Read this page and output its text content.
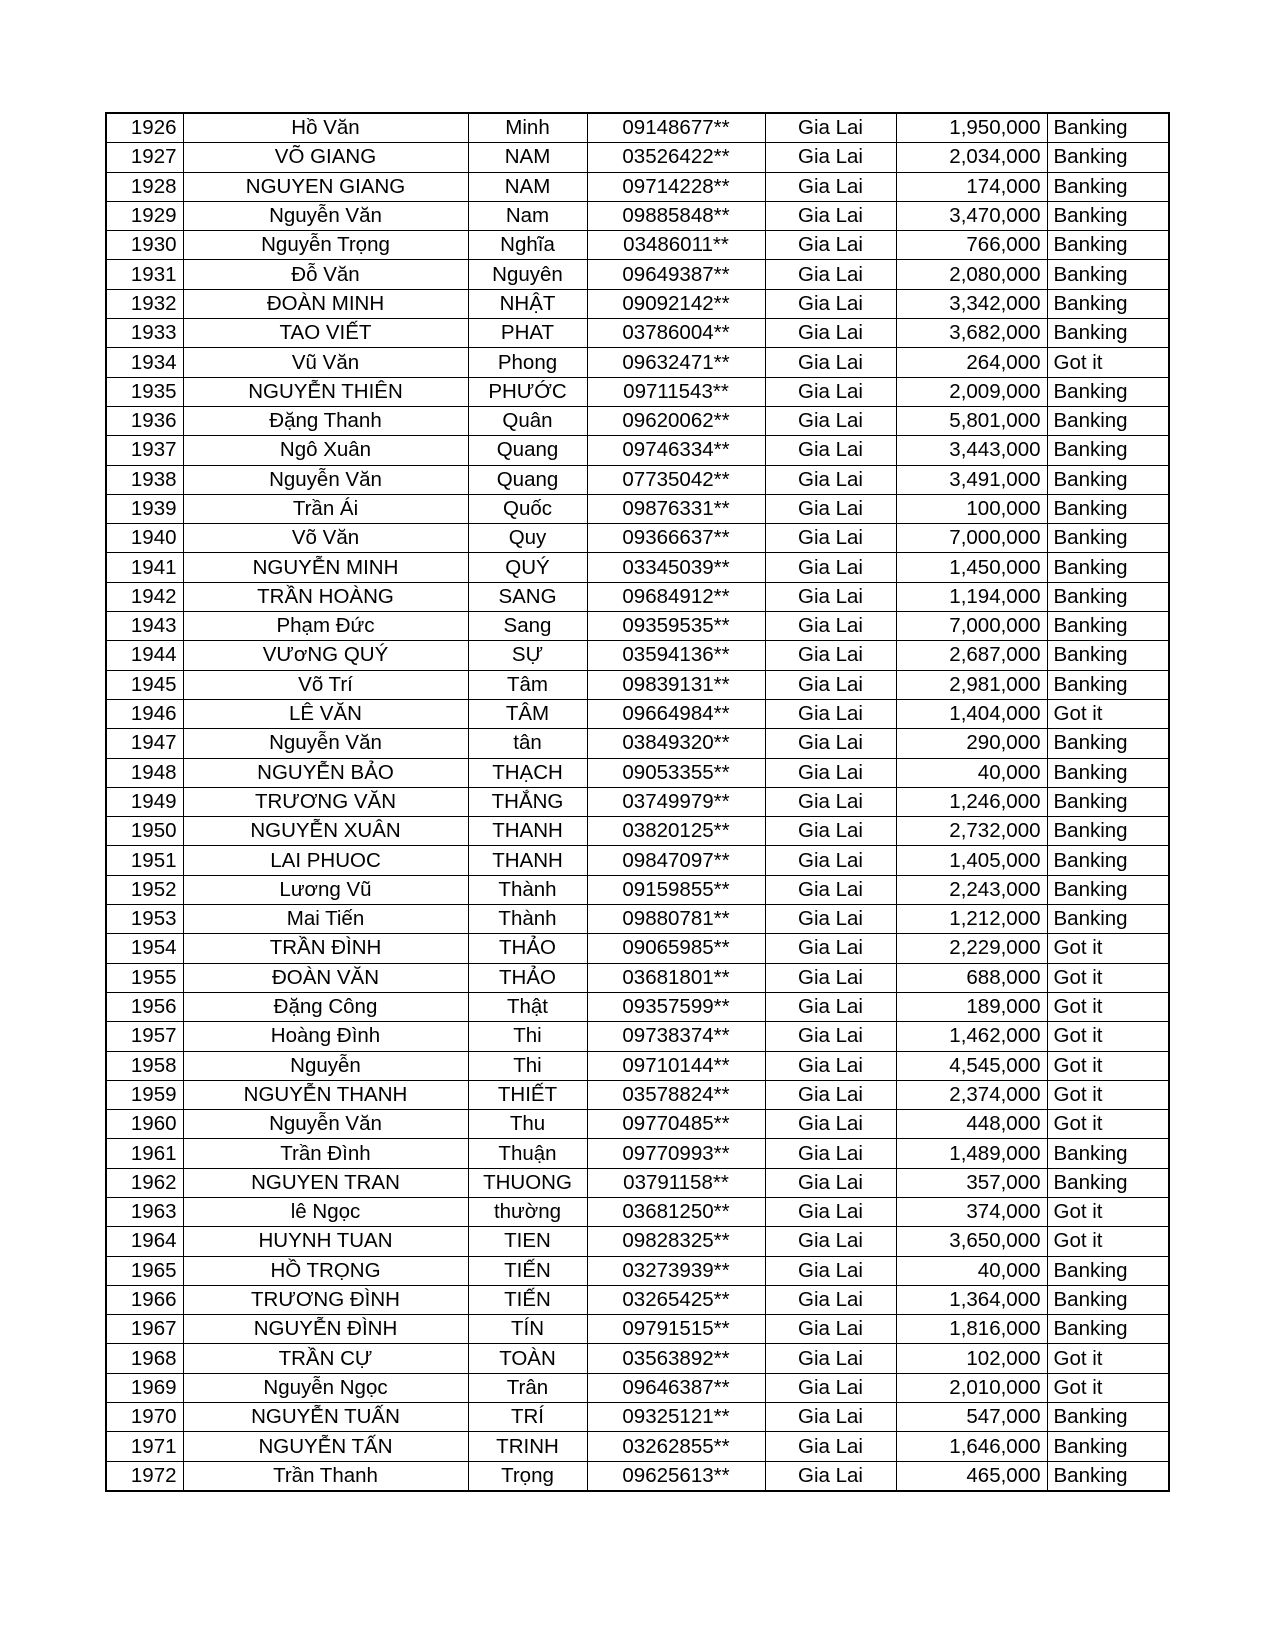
1926	Hồ Văn	Minh	09148677**	Gia Lai	1,950,000	Banking
1927	VÕ GIANG	NAM	03526422**	Gia Lai	2,034,000	Banking
1928	NGUYEN GIANG	NAM	09714228**	Gia Lai	174,000	Banking
1929	Nguyễn Văn	Nam	09885848**	Gia Lai	3,470,000	Banking
1930	Nguyễn Trọng	Nghĩa	03486011**	Gia Lai	766,000	Banking
1931	Đỗ Văn	Nguyên	09649387**	Gia Lai	2,080,000	Banking
1932	ĐOÀN MINH	NHẬT	09092142**	Gia Lai	3,342,000	Banking
1933	TAO VIẾT	PHAT	03786004**	Gia Lai	3,682,000	Banking
1934	Vũ Văn	Phong	09632471**	Gia Lai	264,000	Got it
1935	NGUYỄN THIÊN	PHƯỚC	09711543**	Gia Lai	2,009,000	Banking
1936	Đặng Thanh	Quân	09620062**	Gia Lai	5,801,000	Banking
1937	Ngô Xuân	Quang	09746334**	Gia Lai	3,443,000	Banking
1938	Nguyễn Văn	Quang	07735042**	Gia Lai	3,491,000	Banking
1939	Trần Ái	Quốc	09876331**	Gia Lai	100,000	Banking
1940	Võ Văn	Quy	09366637**	Gia Lai	7,000,000	Banking
1941	NGUYỄN MINH	QUÝ	03345039**	Gia Lai	1,450,000	Banking
1942	TRẦN HOÀNG	SANG	09684912**	Gia Lai	1,194,000	Banking
1943	Phạm Đức	Sang	09359535**	Gia Lai	7,000,000	Banking
1944	VƯơNG QUÝ	SỰ	03594136**	Gia Lai	2,687,000	Banking
1945	Võ Trí	Tâm	09839131**	Gia Lai	2,981,000	Banking
1946	LÊ VĂN	TÂM	09664984**	Gia Lai	1,404,000	Got it
1947	Nguyễn Văn	tân	03849320**	Gia Lai	290,000	Banking
1948	NGUYỄN BẢO	THẠCH	09053355**	Gia Lai	40,000	Banking
1949	TRƯƠNG VĂN	THẮNG	03749979**	Gia Lai	1,246,000	Banking
1950	NGUYỄN XUÂN	THANH	03820125**	Gia Lai	2,732,000	Banking
1951	LAI PHUOC	THANH	09847097**	Gia Lai	1,405,000	Banking
1952	Lương Vũ	Thành	09159855**	Gia Lai	2,243,000	Banking
1953	Mai Tiến	Thành	09880781**	Gia Lai	1,212,000	Banking
1954	TRẦN ĐÌNH	THẢO	09065985**	Gia Lai	2,229,000	Got it
1955	ĐOÀN VĂN	THẢO	03681801**	Gia Lai	688,000	Got it
1956	Đặng Công	Thật	09357599**	Gia Lai	189,000	Got it
1957	Hoàng Đình	Thi	09738374**	Gia Lai	1,462,000	Got it
1958	Nguyễn	Thi	09710144**	Gia Lai	4,545,000	Got it
1959	NGUYỄN THANH	THIẾT	03578824**	Gia Lai	2,374,000	Got it
1960	Nguyễn Văn	Thu	09770485**	Gia Lai	448,000	Got it
1961	Trần Đình	Thuận	09770993**	Gia Lai	1,489,000	Banking
1962	NGUYEN TRAN	THUONG	03791158**	Gia Lai	357,000	Banking
1963	lê Ngọc	thường	03681250**	Gia Lai	374,000	Got it
1964	HUYNH TUAN	TIEN	09828325**	Gia Lai	3,650,000	Got it
1965	HỒ TRỌNG	TIẾN	03273939**	Gia Lai	40,000	Banking
1966	TRƯƠNG ĐÌNH	TIẾN	03265425**	Gia Lai	1,364,000	Banking
1967	NGUYỄN ĐÌNH	TÍN	09791515**	Gia Lai	1,816,000	Banking
1968	TRẦN CỰ	TOÀN	03563892**	Gia Lai	102,000	Got it
1969	Nguyễn Ngọc	Trân	09646387**	Gia Lai	2,010,000	Got it
1970	NGUYỄN TUẤN	TRÍ	09325121**	Gia Lai	547,000	Banking
1971	NGUYỄN TẤN	TRINH	03262855**	Gia Lai	1,646,000	Banking
1972	Trần Thanh	Trọng	09625613**	Gia Lai	465,000	Banking
